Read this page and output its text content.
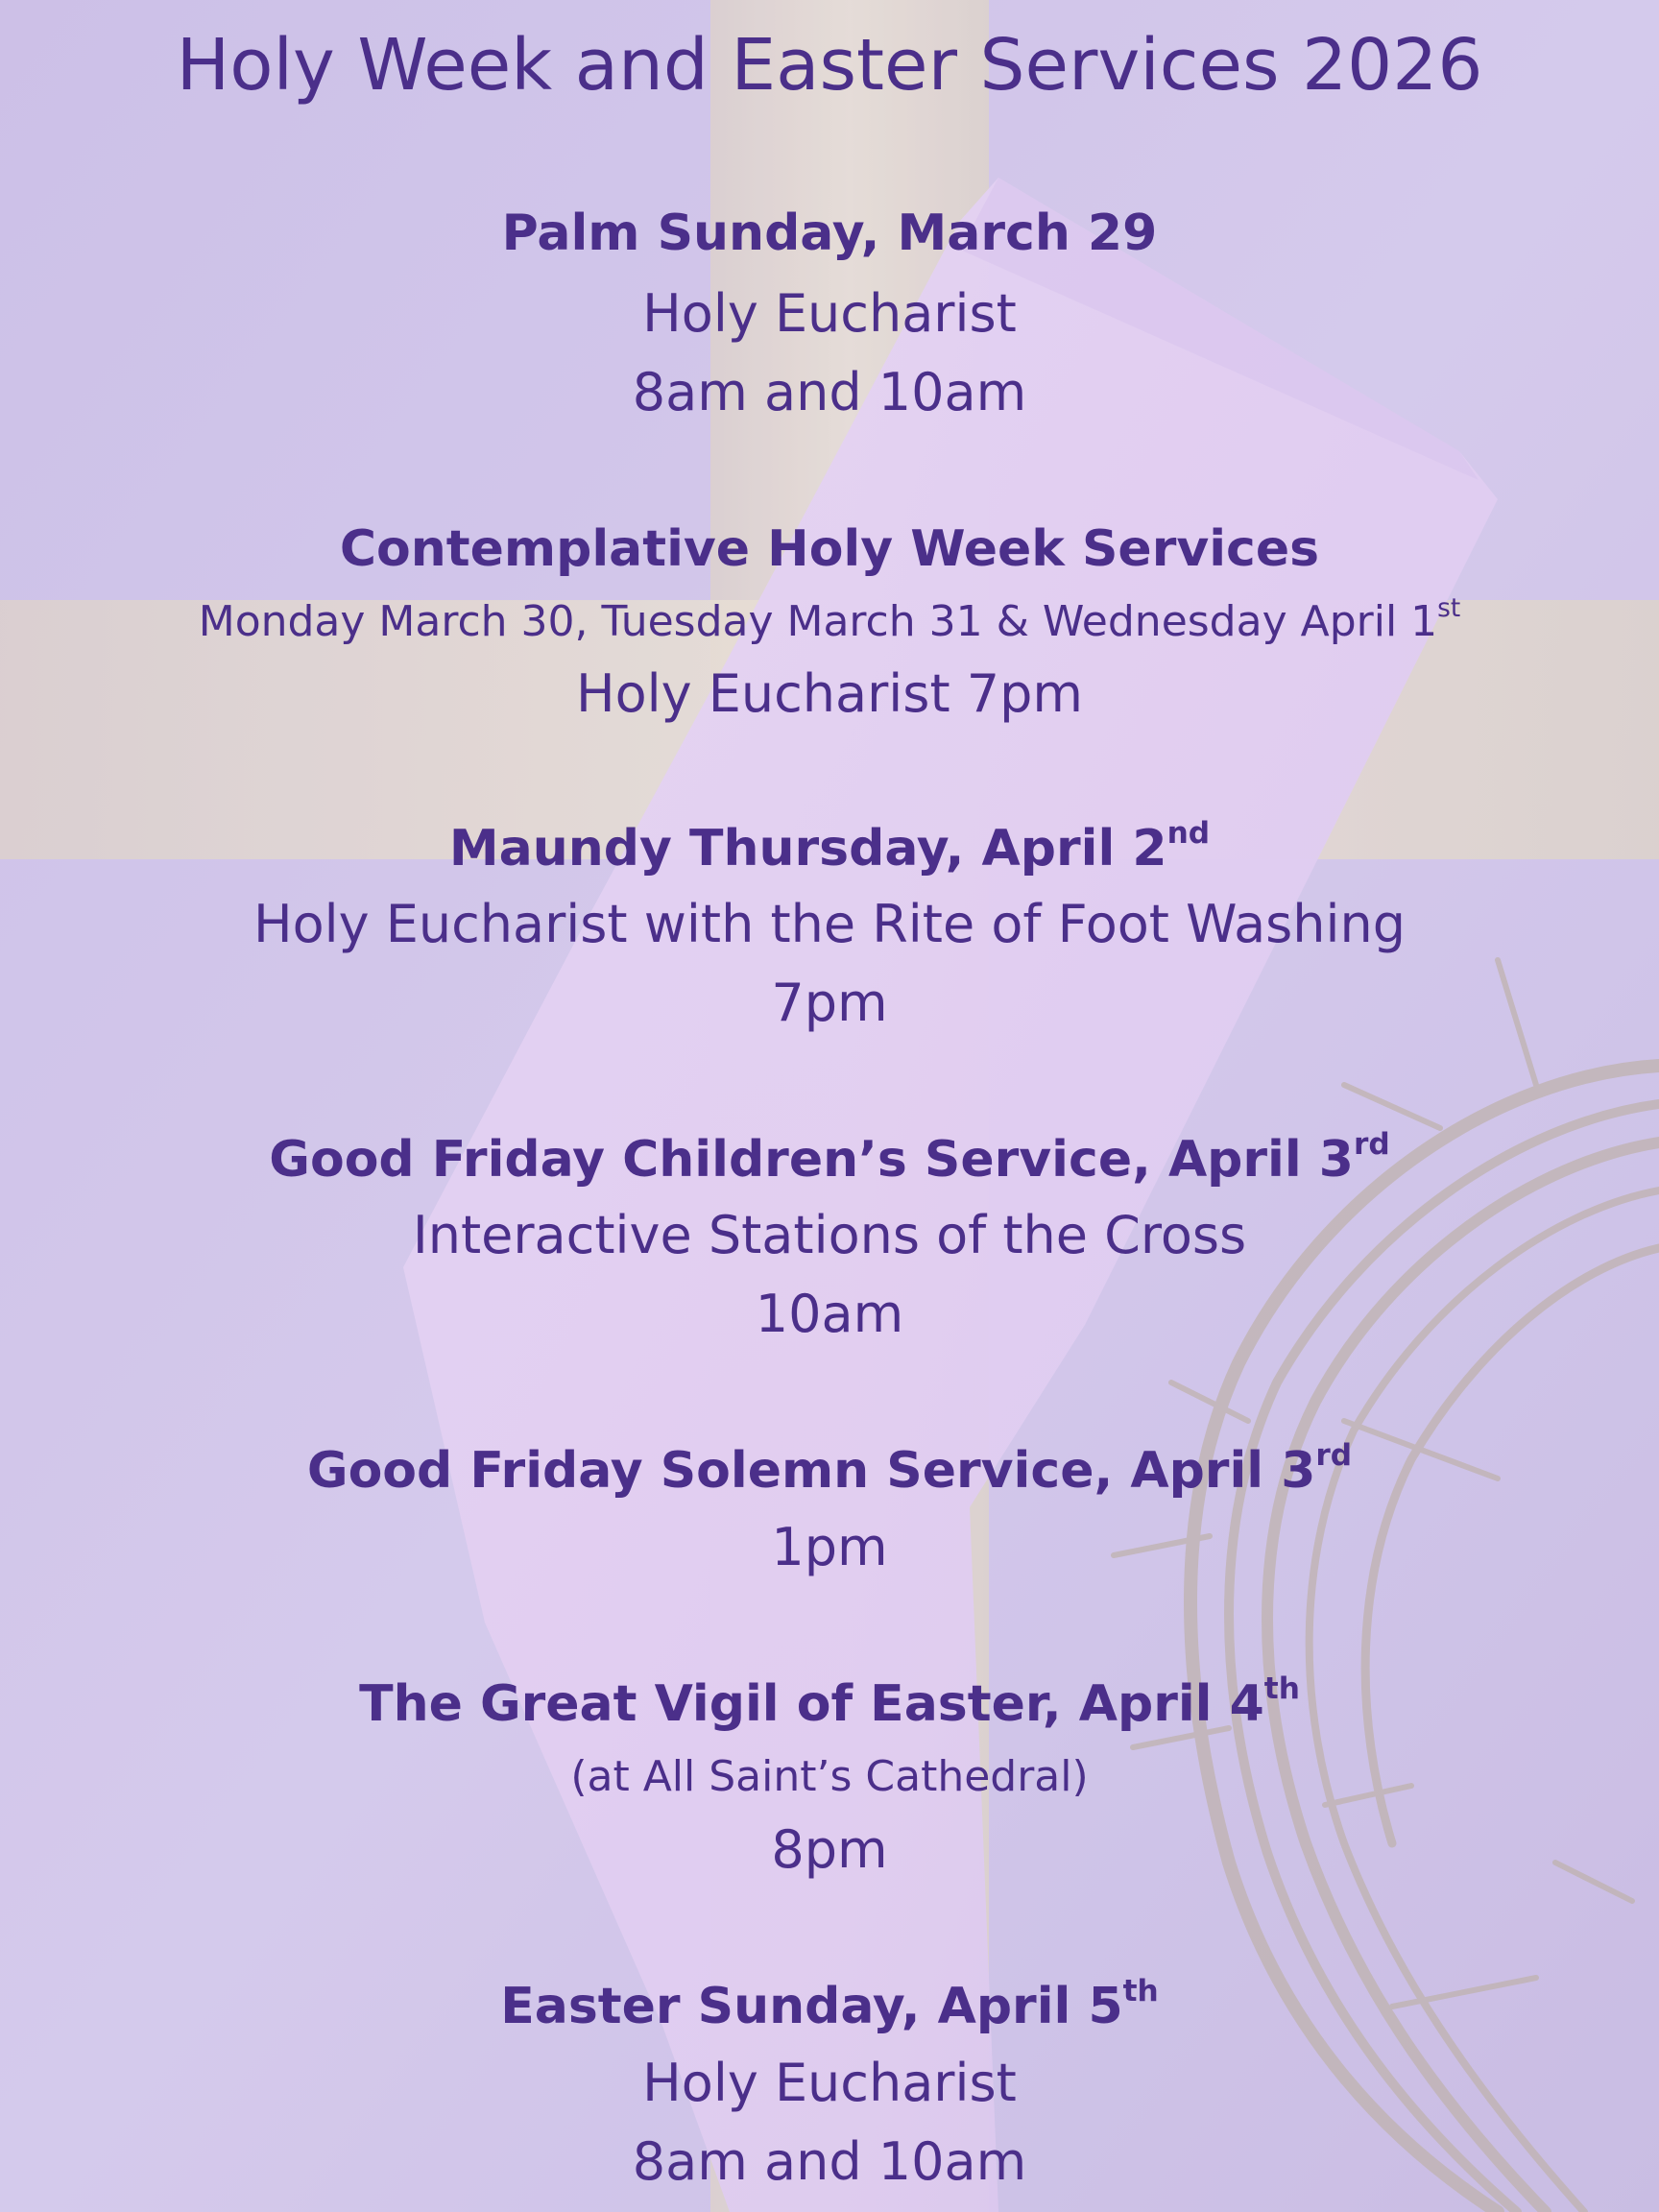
Holy Week and Easter Services 2026
Palm Sunday, March 29
Holy Eucharist
8am and 10am
Contemplative Holy Week Services
Monday March 30, Tuesday March 31 & Wednesday April 1st
Holy Eucharist 7pm
Maundy Thursday, April 2nd
Holy Eucharist with the Rite of Foot Washing
7pm
Good Friday Children’s Service, April 3rd
Interactive Stations of the Cross
10am
Good Friday Solemn Service, April 3rd
1pm
The Great Vigil of Easter, April 4th
(at All Saint’s Cathedral)
8pm
Easter Sunday, April 5th
Holy Eucharist
8am and 10am
